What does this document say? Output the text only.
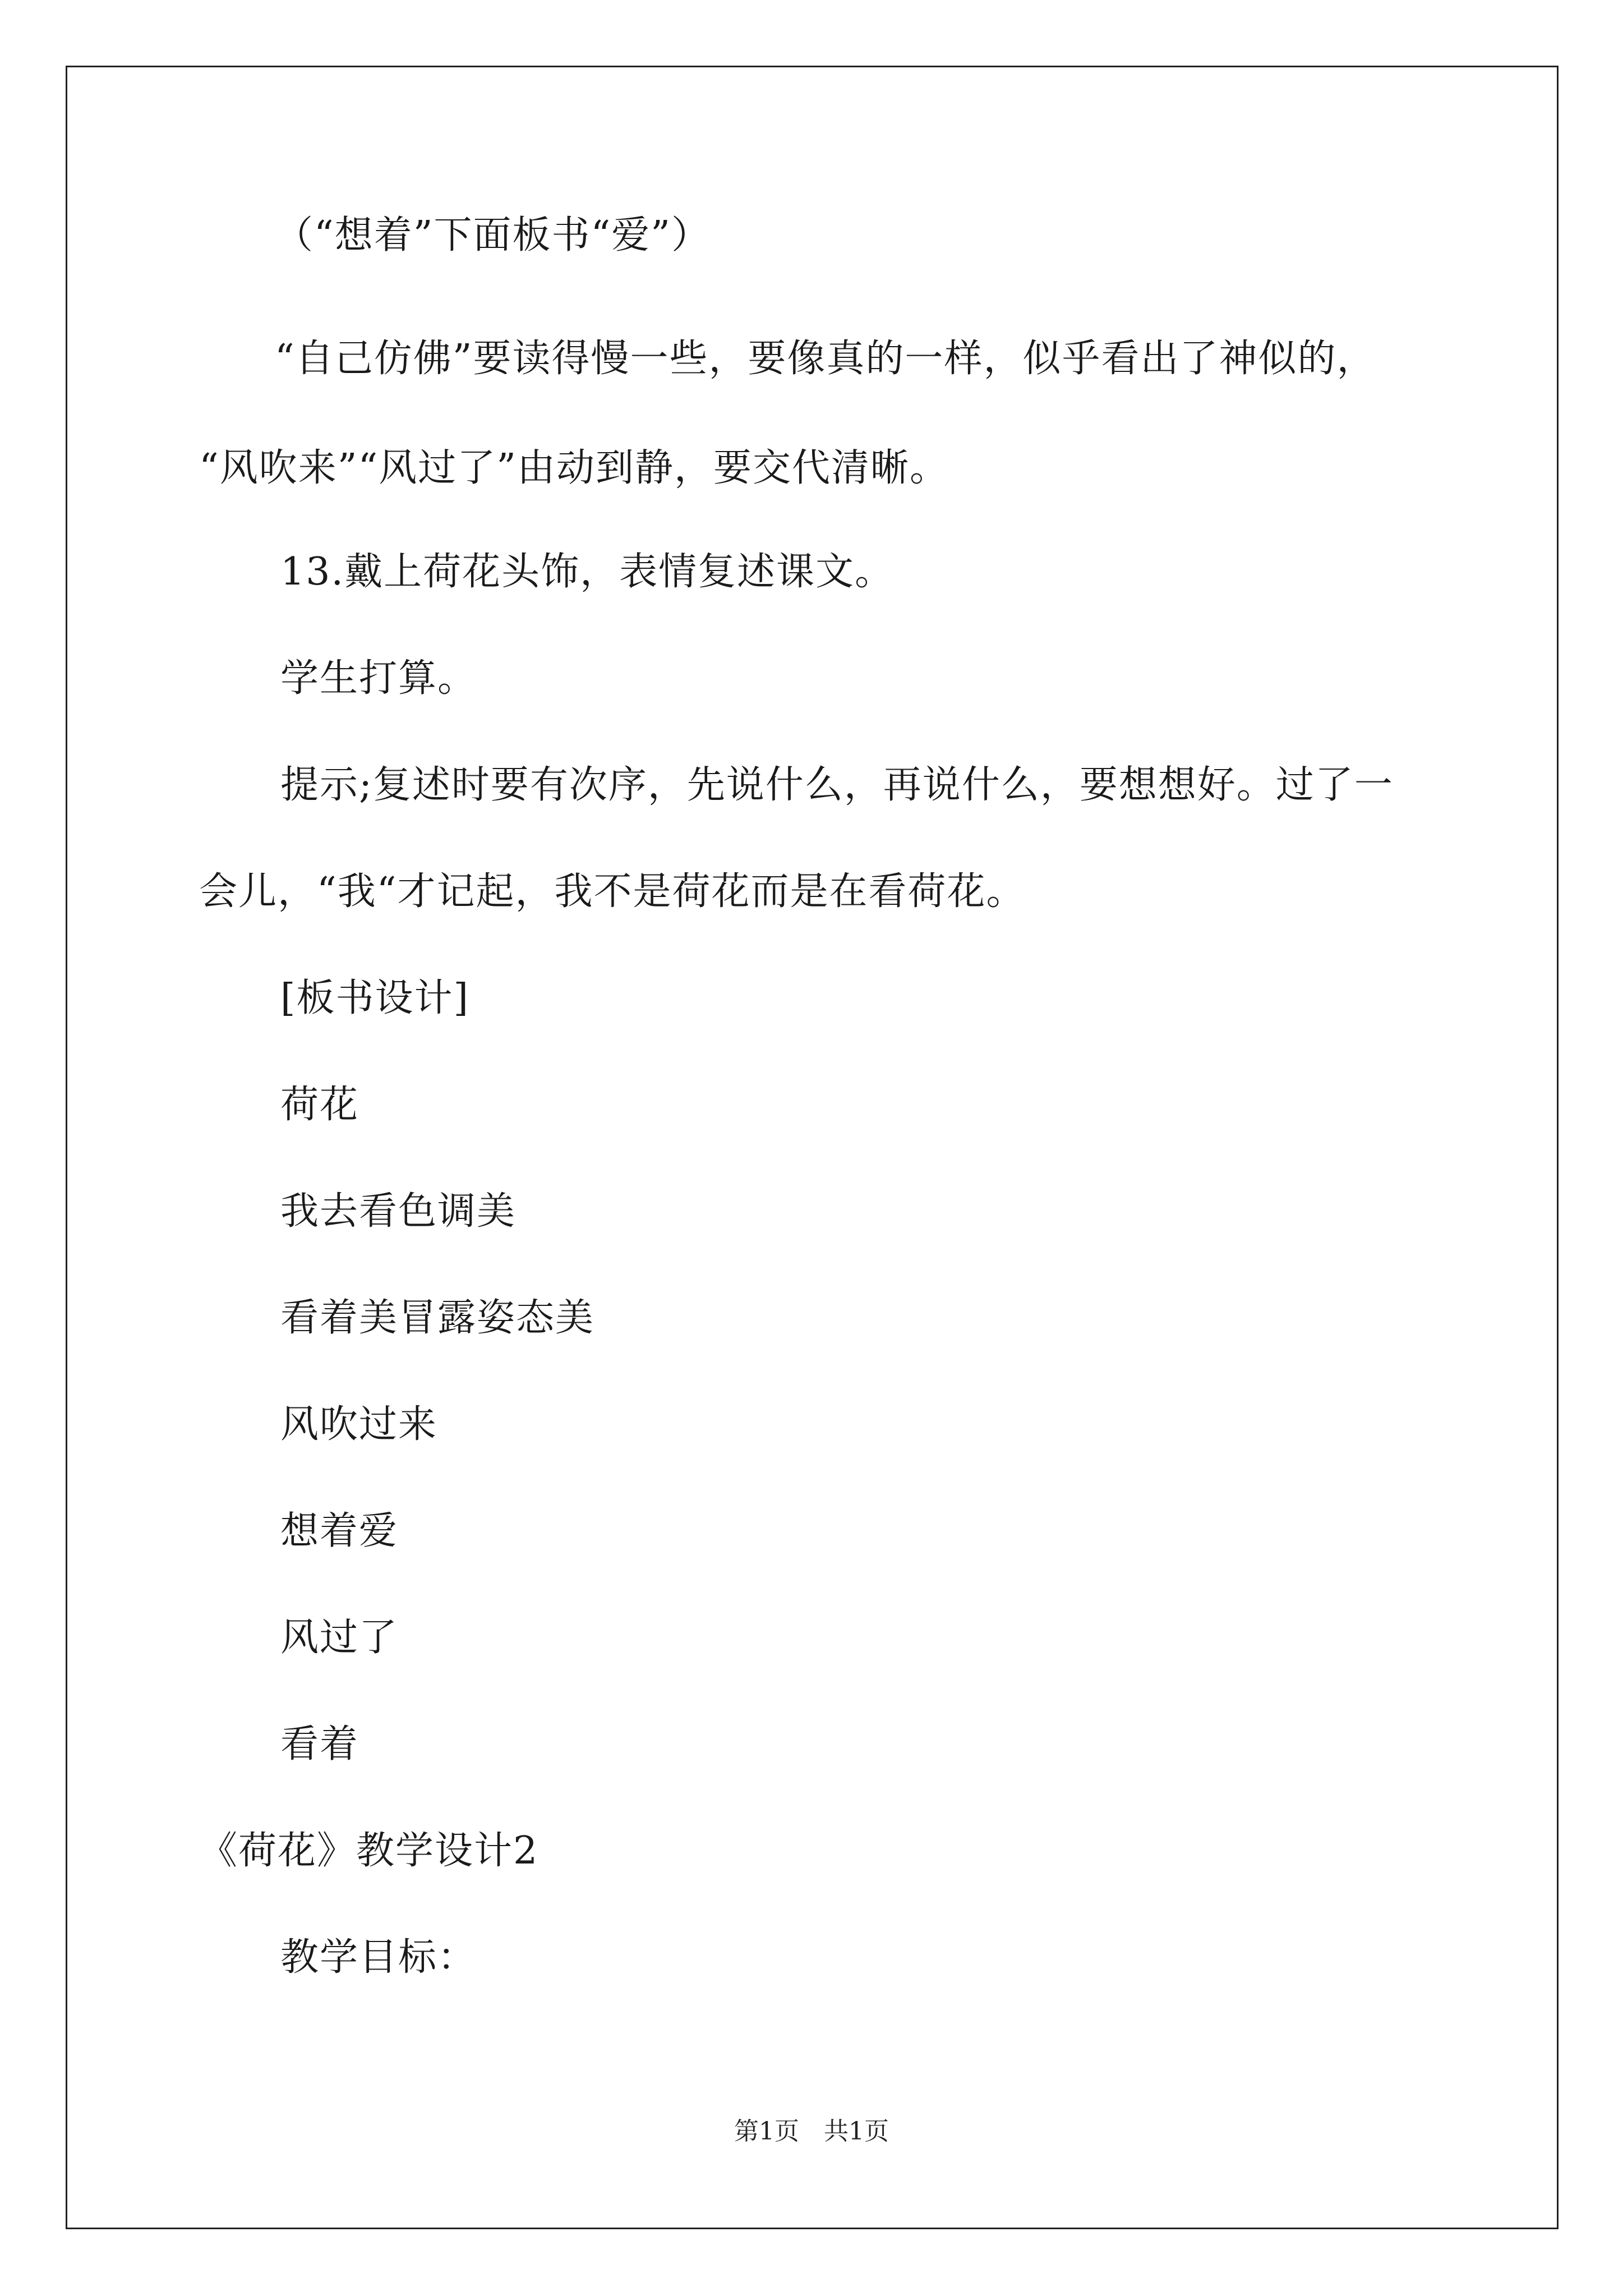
（“想着”下面板书“爱”）
“自己仿佛”要读得慢一些，要像真的一样，似乎看出了神似的，
“风吹来”“风过了”由动到静，要交代清晰。
13.戴上荷花头饰，表情复述课文。
学生打算。
提示;复述时要有次序，先说什么，再说什么，要想想好。过了一
会儿，“我“才记起，我不是荷花而是在看荷花。
[板书设计]
荷花
我去看色调美
看着美冒露姿态美
风吹过来
想着爱
风过了
看着
《荷花》教学设计2
教学目标：
第1页　共1页
